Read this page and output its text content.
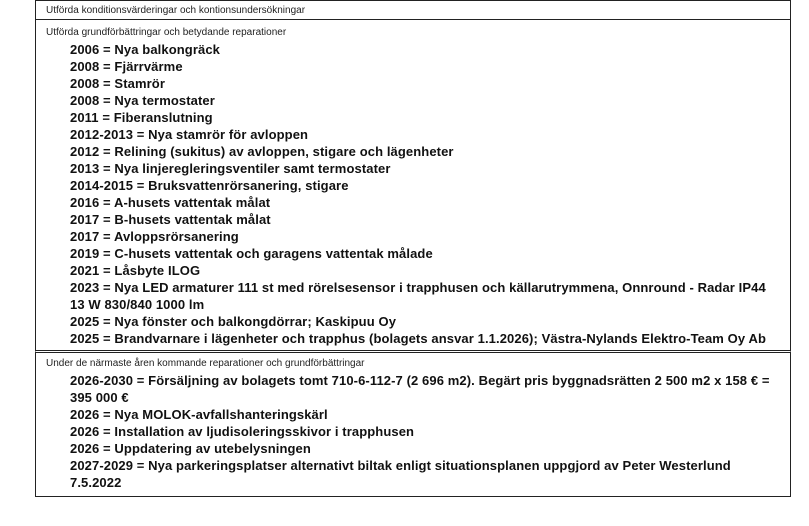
Utförda konditionsvärderingar och kontionsundersökningar
Utförda grundförbättringar och betydande reparationer
2006 = Nya balkongräck
2008 = Fjärrvärme
2008 = Stamrör
2008 = Nya termostater
2011 = Fiberanslutning
2012-2013 = Nya stamrör för avloppen
2012 = Relining (sukitus) av avloppen, stigare och lägenheter
2013 = Nya linjeregleringsventiler samt termostater
2014-2015 = Bruksvattenrörsanering, stigare
2016 = A-husets vattentak målat
2017 = B-husets vattentak målat
2017 = Avloppsrörsanering
2019 = C-husets vattentak och garagens vattentak målade
2021 = Låsbyte ILOG
2023 = Nya LED armaturer 111 st med rörelsesensor i trapphusen och källarutrymmena, Onnround - Radar IP44 13 W 830/840 1000 lm
2025 = Nya fönster och balkongdörrar; Kaskipuu Oy
2025 = Brandvarnare i lägenheter och trapphus (bolagets ansvar 1.1.2026); Västra-Nylands Elektro-Team Oy Ab
Under de närmaste åren kommande reparationer och grundförbättringar
2026-2030 = Försäljning av bolagets tomt 710-6-112-7 (2 696 m2). Begärt pris byggnadsrätten 2 500 m2 x 158 € = 395 000 €
2026 = Nya MOLOK-avfallshanteringskärl
2026 = Installation av ljudisoleringsskivor i trapphusen
2026 = Uppdatering av utebelysningen
2027-2029 = Nya parkeringsplatser alternativt biltak enligt situationsplanen uppgjord av Peter Westerlund 7.5.2022
